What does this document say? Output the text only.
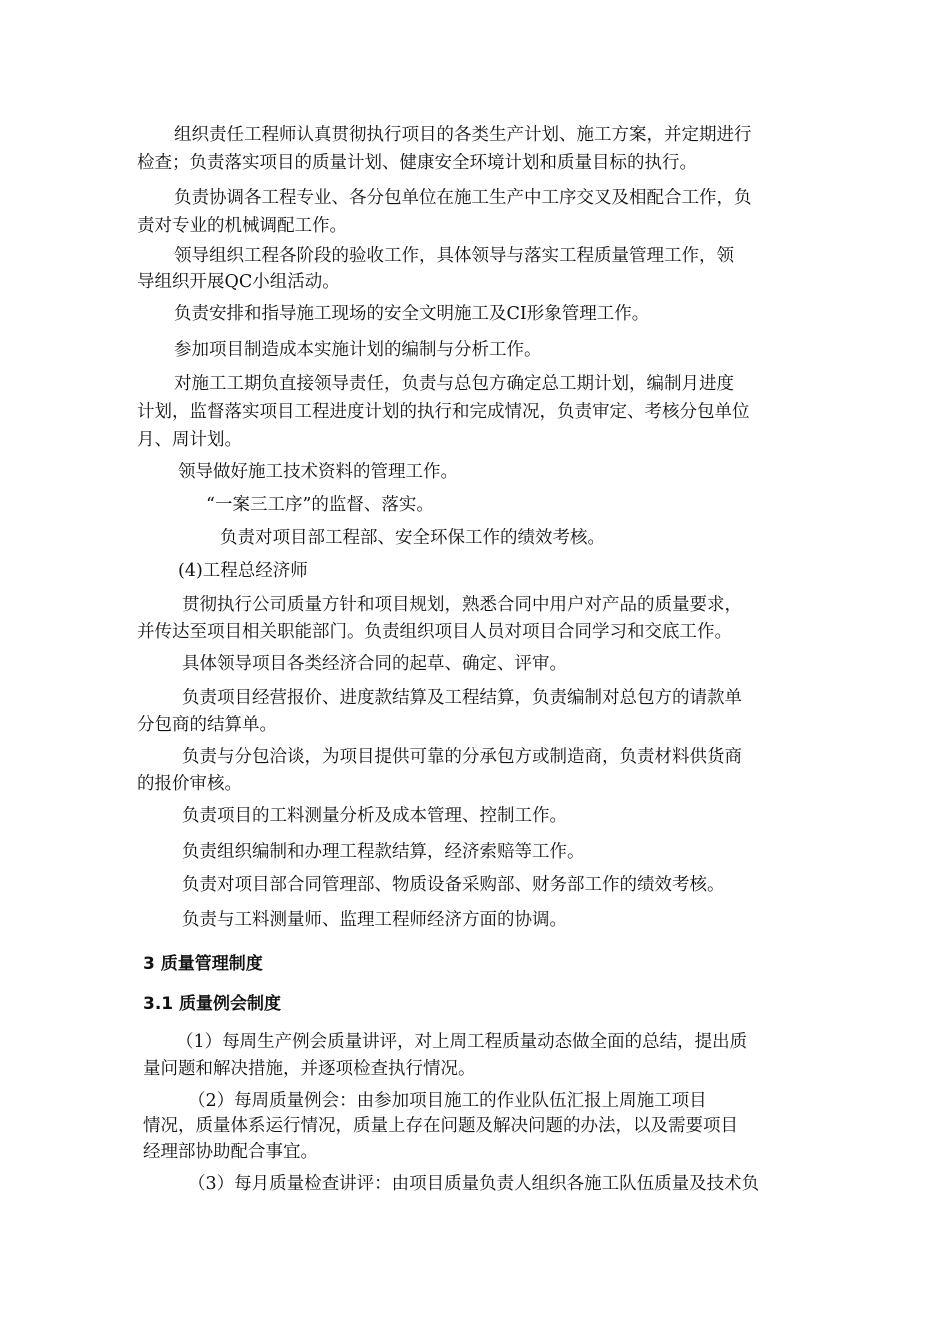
组织责任工程师认真贯彻执行项目的各类生产计划、施工方案，并定期进行

检查；负责落实项目的质量计划、健康安全环境计划和质量目标的执行。

负责协调各工程专业、各分包单位在施工生产中工序交叉及相配合工作，负

责对专业的机械调配工作。

领导组织工程各阶段的验收工作，具体领导与落实工程质量管理工作，领

导组织开展QC小组活动。

负责安排和指导施工现场的安全文明施工及CI形象管理工作。

参加项目制造成本实施计划的编制与分析工作。

对施工工期负直接领导责任，负责与总包方确定总工期计划，编制月进度

计划，监督落实项目工程进度计划的执行和完成情况，负责审定、考核分包单位

月、周计划。

领导做好施工技术资料的管理工作。

“一案三工序”的监督、落实。

负责对项目部工程部、安全环保工作的绩效考核。

(4)工程总经济师

贯彻执行公司质量方针和项目规划，熟悉合同中用户对产品的质量要求，

并传达至项目相关职能部门。负责组织项目人员对项目合同学习和交底工作。

具体领导项目各类经济合同的起草、确定、评审。

负责项目经营报价、进度款结算及工程结算，负责编制对总包方的请款单

分包商的结算单。

负责与分包洽谈，为项目提供可靠的分承包方或制造商，负责材料供货商

的报价审核。

负责项目的工料测量分析及成本管理、控制工作。

负责组织编制和办理工程款结算，经济索赔等工作。

负责对项目部合同管理部、物质设备采购部、财务部工作的绩效考核。

负责与工料测量师、监理工程师经济方面的协调。

3 质量管理制度
3.1 质量例会制度

（1）每周生产例会质量讲评，对上周工程质量动态做全面的总结，提出质

量问题和解决措施，并逐项检查执行情况。

（2）每周质量例会：由参加项目施工的作业队伍汇报上周施工项目

情况，质量体系运行情况，质量上存在问题及解决问题的办法，以及需要项目

经理部协助配合事宜。

（3）每月质量检查讲评：由项目质量负责人组织各施工队伍质量及技术负
